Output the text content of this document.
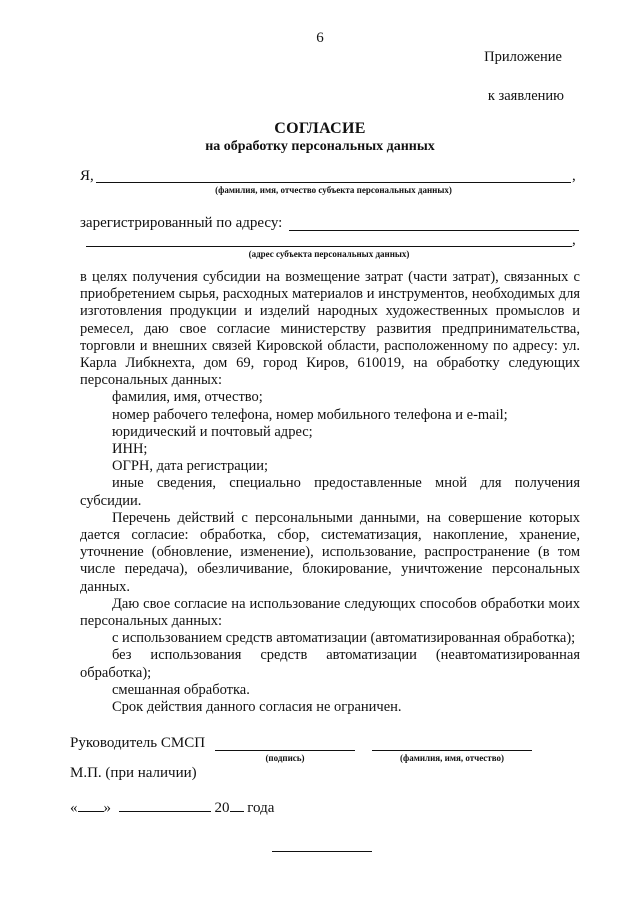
6
Приложение
к заявлению
СОГЛАСИЕ
на обработку персональных данных
Я,	,
(фамилия, имя, отчество субъекта персональных данных)
зарегистрированный по адресу:
,
(адрес субъекта персональных данных)

в целях получения субсидии на возмещение затрат (части затрат), связанных с приобретением сырья, расходных материалов и инструментов, необходимых для изготовления продукции и изделий народных художественных промыслов и ремесел, даю свое согласие министерству развития предпринимательства, торговли и внешних связей Кировской области, расположенному по адресу: ул. Карла Либкнехта, дом 69, город Киров, 610019, на обработку следующих персональных данных:

фамилия, имя, отчество;

номер рабочего телефона, номер мобильного телефона и e-mail;

юридический и почтовый адрес;

ИНН;

ОГРН, дата регистрации;

иные сведения, специально предоставленные мной для получения субсидии.

Перечень действий с персональными данными, на совершение которых дается согласие: обработка, сбор, систематизация, накопление, хранение, уточнение (обновление, изменение), использование, распространение (в том числе передача), обезличивание, блокирование, уничтожение персональных данных.

Даю свое согласие на использование следующих способов обработки моих персональных данных:

с использованием средств автоматизации (автоматизированная обработка);

без использования средств автоматизации (неавтоматизированная обработка);

смешанная обработка.

Срок действия данного согласия не ограничен.

Руководитель СМСП
(подпись)	(фамилия, имя, отчество)
М.П. (при наличии)
« »	20 года
